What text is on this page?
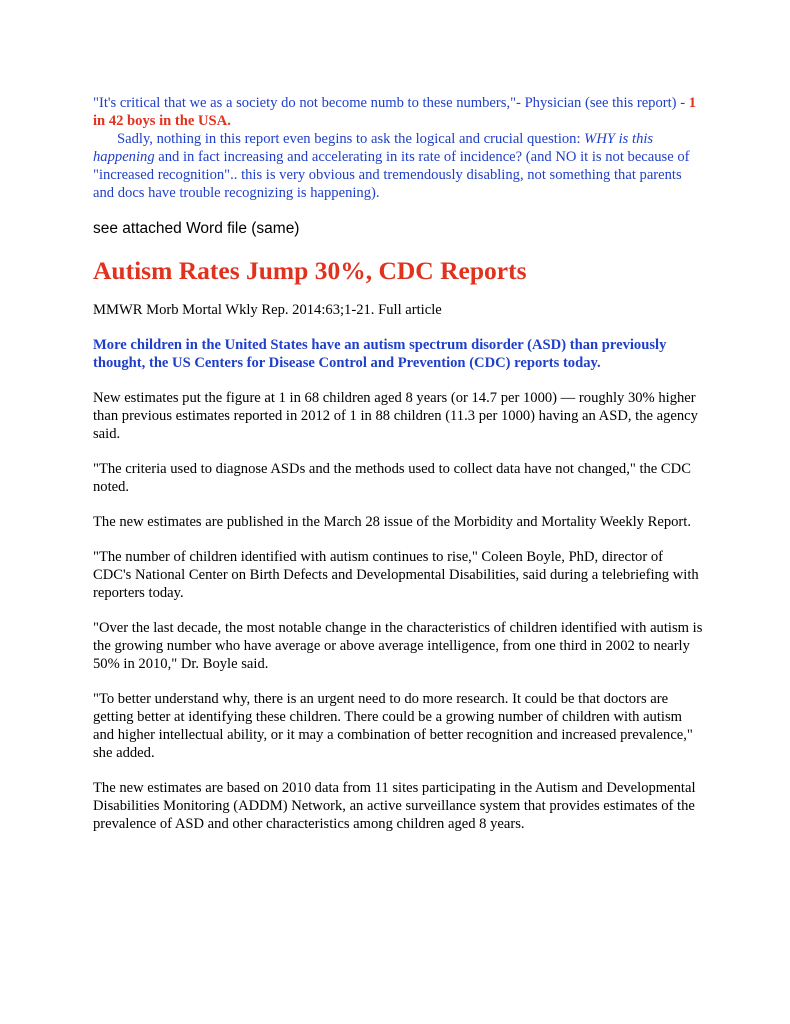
"It's critical that we as a society do not become numb to these numbers,"- Physician (see this report) - 1 in 42 boys in the USA.

Sadly, nothing in this report even begins to ask the logical and crucial question: WHY is this happening and in fact increasing and accelerating in its rate of incidence? (and NO it is not because of "increased recognition".. this is very obvious and tremendously disabling, not something that parents and docs have trouble recognizing is happening).

see attached Word file (same)
Autism Rates Jump 30%, CDC Reports

MMWR Morb Mortal Wkly Rep. 2014:63;1-21. Full article

More children in the United States have an autism spectrum disorder (ASD) than previously thought, the US Centers for Disease Control and Prevention (CDC) reports today.

New estimates put the figure at 1 in 68 children aged 8 years (or 14.7 per 1000) — roughly 30% higher than previous estimates reported in 2012 of 1 in 88 children (11.3 per 1000) having an ASD, the agency said.

"The criteria used to diagnose ASDs and the methods used to collect data have not changed," the CDC noted.

The new estimates are published in the March 28 issue of the Morbidity and Mortality Weekly Report.

"The number of children identified with autism continues to rise," Coleen Boyle, PhD, director of CDC's National Center on Birth Defects and Developmental Disabilities, said during a telebriefing with reporters today.

"Over the last decade, the most notable change in the characteristics of children identified with autism is the growing number who have average or above average intelligence, from one third in 2002 to nearly 50% in 2010," Dr. Boyle said.

"To better understand why, there is an urgent need to do more research. It could be that doctors are getting better at identifying these children. There could be a growing number of children with autism and higher intellectual ability, or it may a combination of better recognition and increased prevalence," she added.

The new estimates are based on 2010 data from 11 sites participating in the Autism and Developmental Disabilities Monitoring (ADDM) Network, an active surveillance system that provides estimates of the prevalence of ASD and other characteristics among children aged 8 years.
